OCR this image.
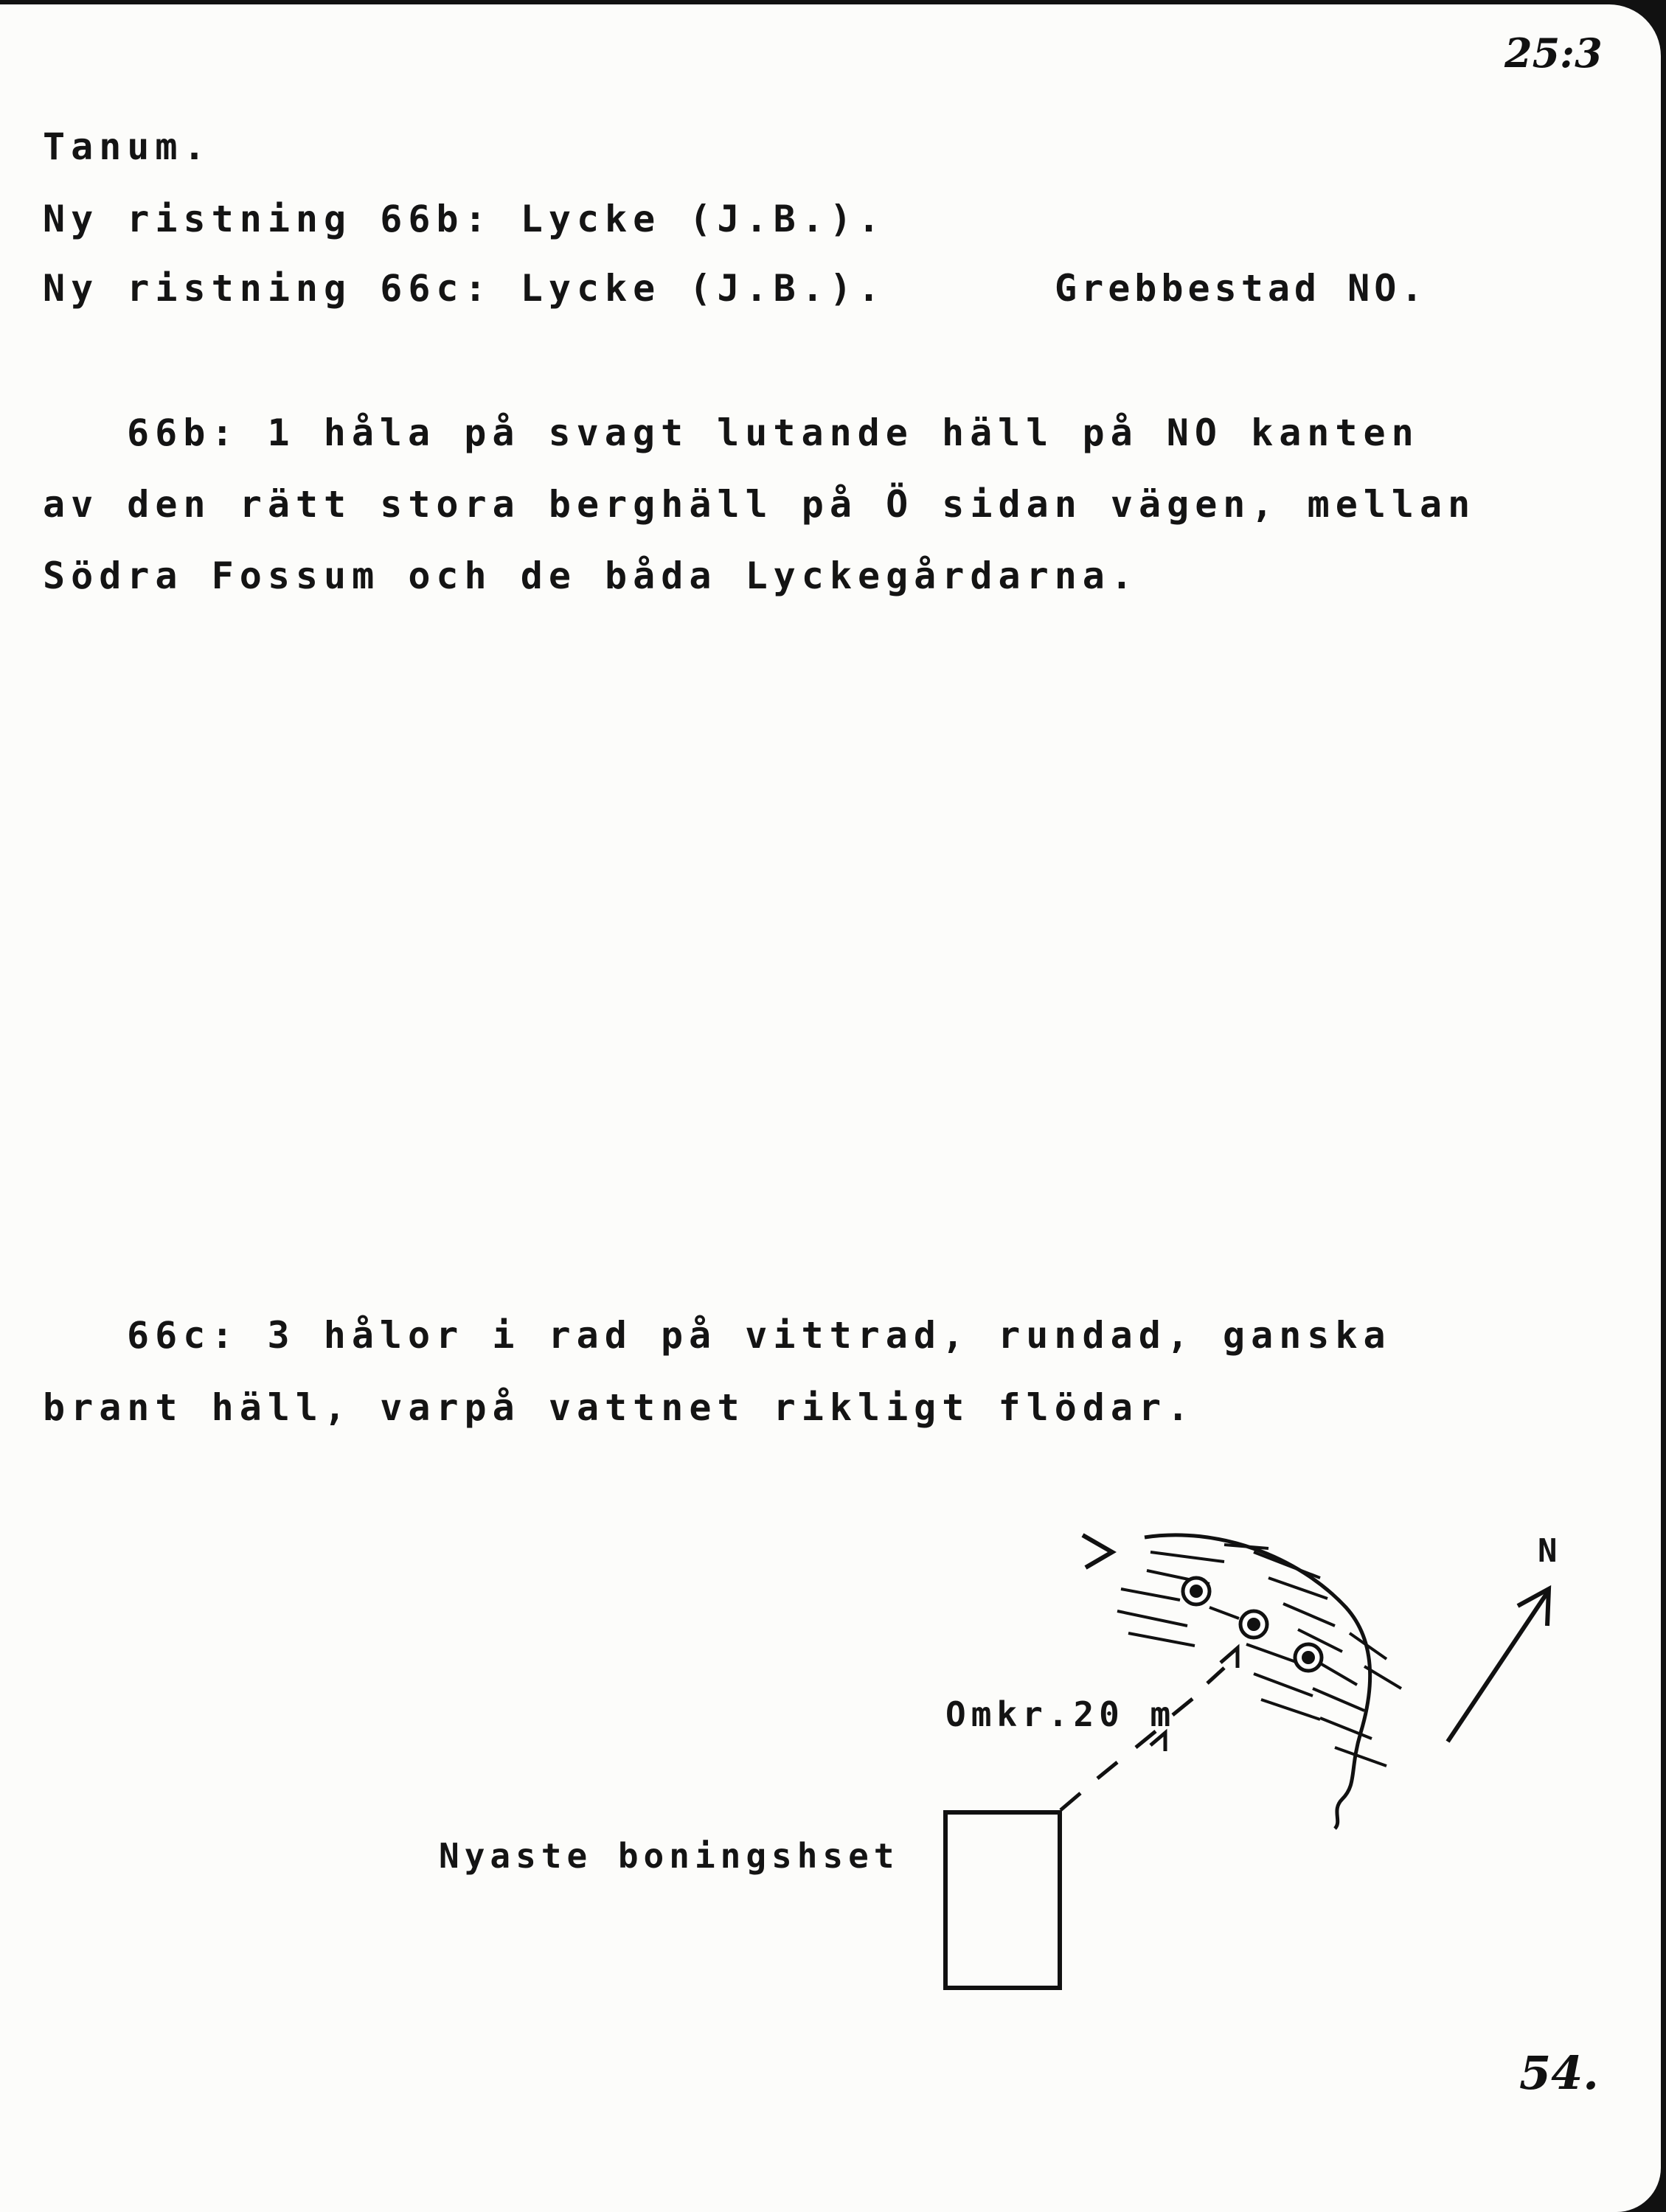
25:3
Tanum.
Ny ristning 66b: Lycke (J.B.).
Ny ristning 66c: Lycke (J.B.).	Grebbestad NO.
66b: 1 håla på svagt lutande häll på NO kanten
av den rätt stora berghäll på Ö sidan vägen, mellan
Södra Fossum och de båda Lyckegårdarna.
66c: 3 hålor i rad på vittrad, rundad, ganska
brant häll, varpå vattnet rikligt flödar.
N
Omkr.20 m
Nyaste boningshset
54.
